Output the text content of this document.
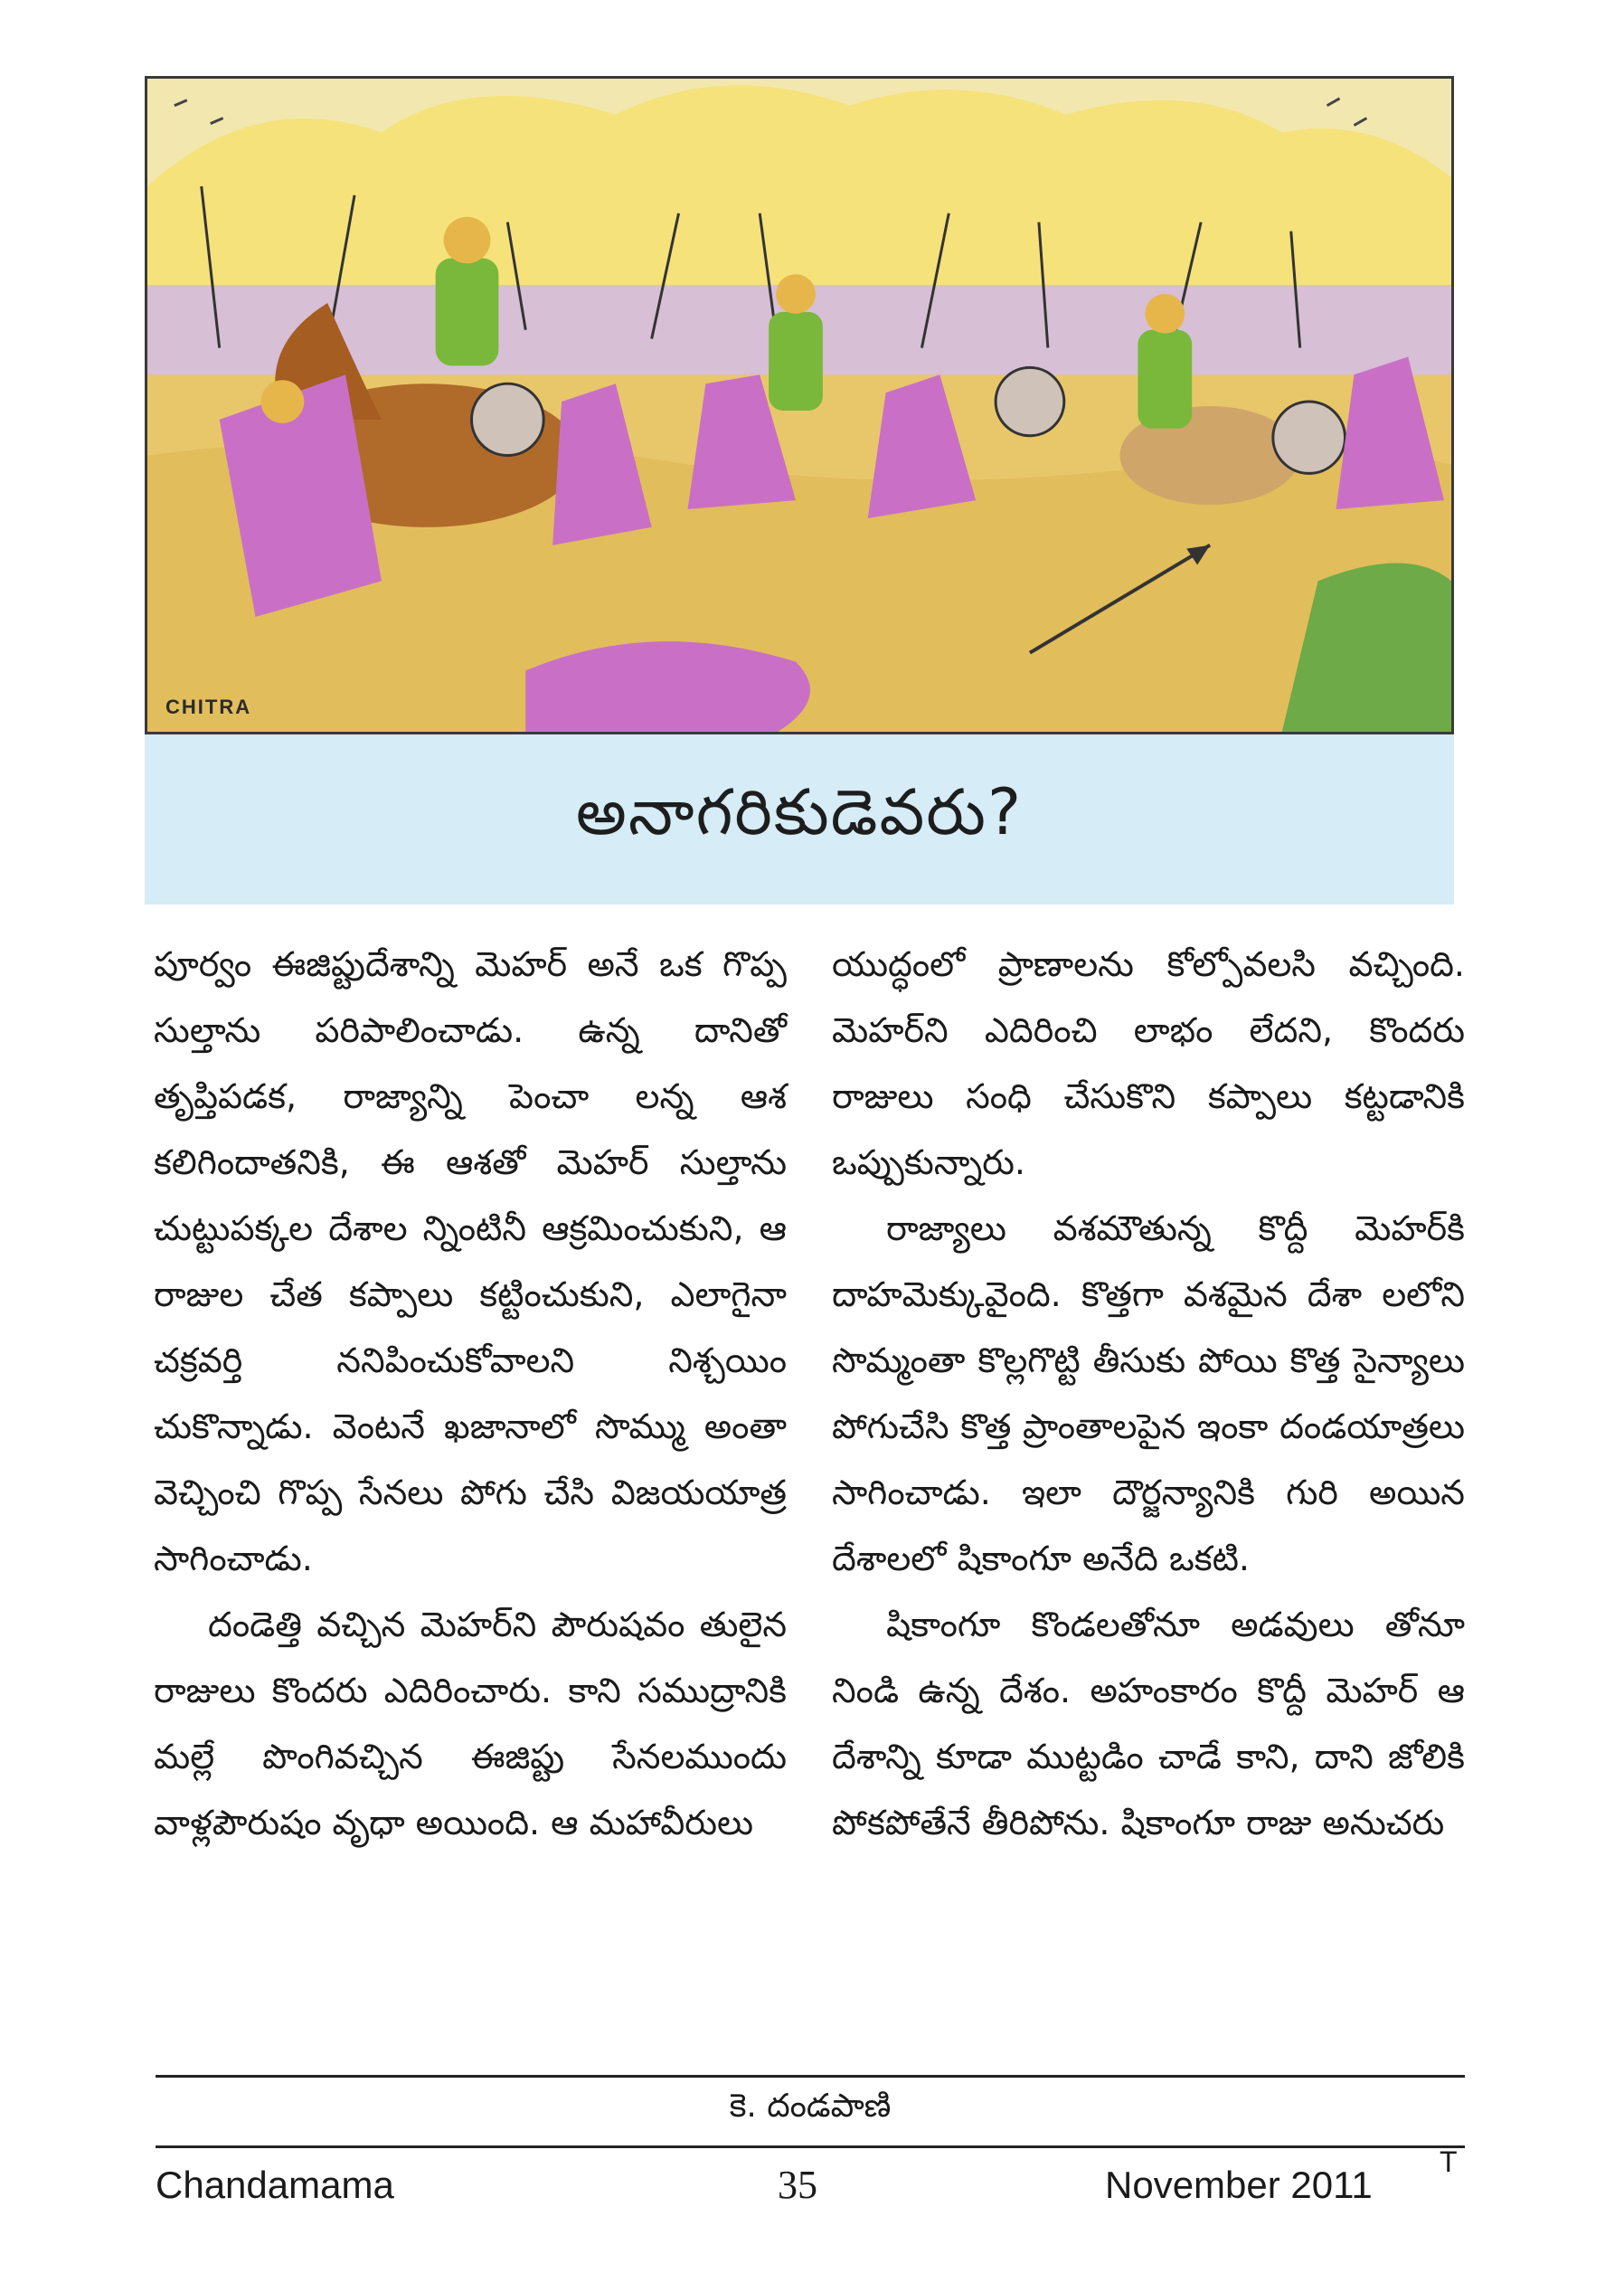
CHITRA
అనాగరికుడెవరు?

పూర్వం ఈజిప్టుదేశాన్ని మెహర్ అనే ఒక గొప్ప సుల్తాను పరిపాలించాడు. ఉన్న దానితో తృప్తిపడక, రాజ్యాన్ని పెంచా లన్న ఆశ కలిగిందాతనికి, ఈ ఆశతో మెహర్ సుల్తాను చుట్టుపక్కల దేశాల న్నింటినీ ఆక్రమించుకుని, ఆ రాజుల చేత కప్పాలు కట్టించుకుని, ఎలాగైనా చక్రవర్తి ననిపించుకోవాలని నిశ్చయిం చుకొన్నాడు. వెంటనే ఖజానాలో సొమ్ము అంతా వెచ్చించి గొప్ప సేనలు పోగు చేసి విజయయాత్ర సాగించాడు.

దండెత్తి వచ్చిన మెహర్‌ని పౌరుషవం తులైన రాజులు కొందరు ఎదిరించారు. కాని సముద్రానికి మల్లే పొంగివచ్చిన ఈజిప్టు సేనలముందు వాళ్లపౌరుషం వృధా అయింది. ఆ మహావీరులు

యుద్ధంలో ప్రాణాలను కోల్పోవలసి వచ్చింది. మెహర్‌ని ఎదిరించి లాభం లేదని, కొందరు రాజులు సంధి చేసుకొని కప్పాలు కట్టడానికి ఒప్పుకున్నారు.

రాజ్యాలు వశమౌతున్న కొద్దీ మెహర్‌కి దాహమెక్కువైంది. కొత్తగా వశమైన దేశా లలోని సొమ్మంతా కొల్లగొట్టి తీసుకు పోయి కొత్త సైన్యాలు పోగుచేసి కొత్త ప్రాంతాలపైన ఇంకా దండయాత్రలు సాగించాడు. ఇలా దౌర్జన్యానికి గురి అయిన దేశాలలో షికాంగూ అనేది ఒకటి.

షికాంగూ కొండలతోనూ అడవులు తోనూ నిండి ఉన్న దేశం. అహంకారం కొద్దీ మెహర్ ఆ దేశాన్ని కూడా ముట్టడిం చాడే కాని, దాని జోలికి పోకపోతేనే తీరిపోను. షికాంగూ రాజు అనుచరు

కె. దండపాణి
Chandamama	35	November 2011
T
